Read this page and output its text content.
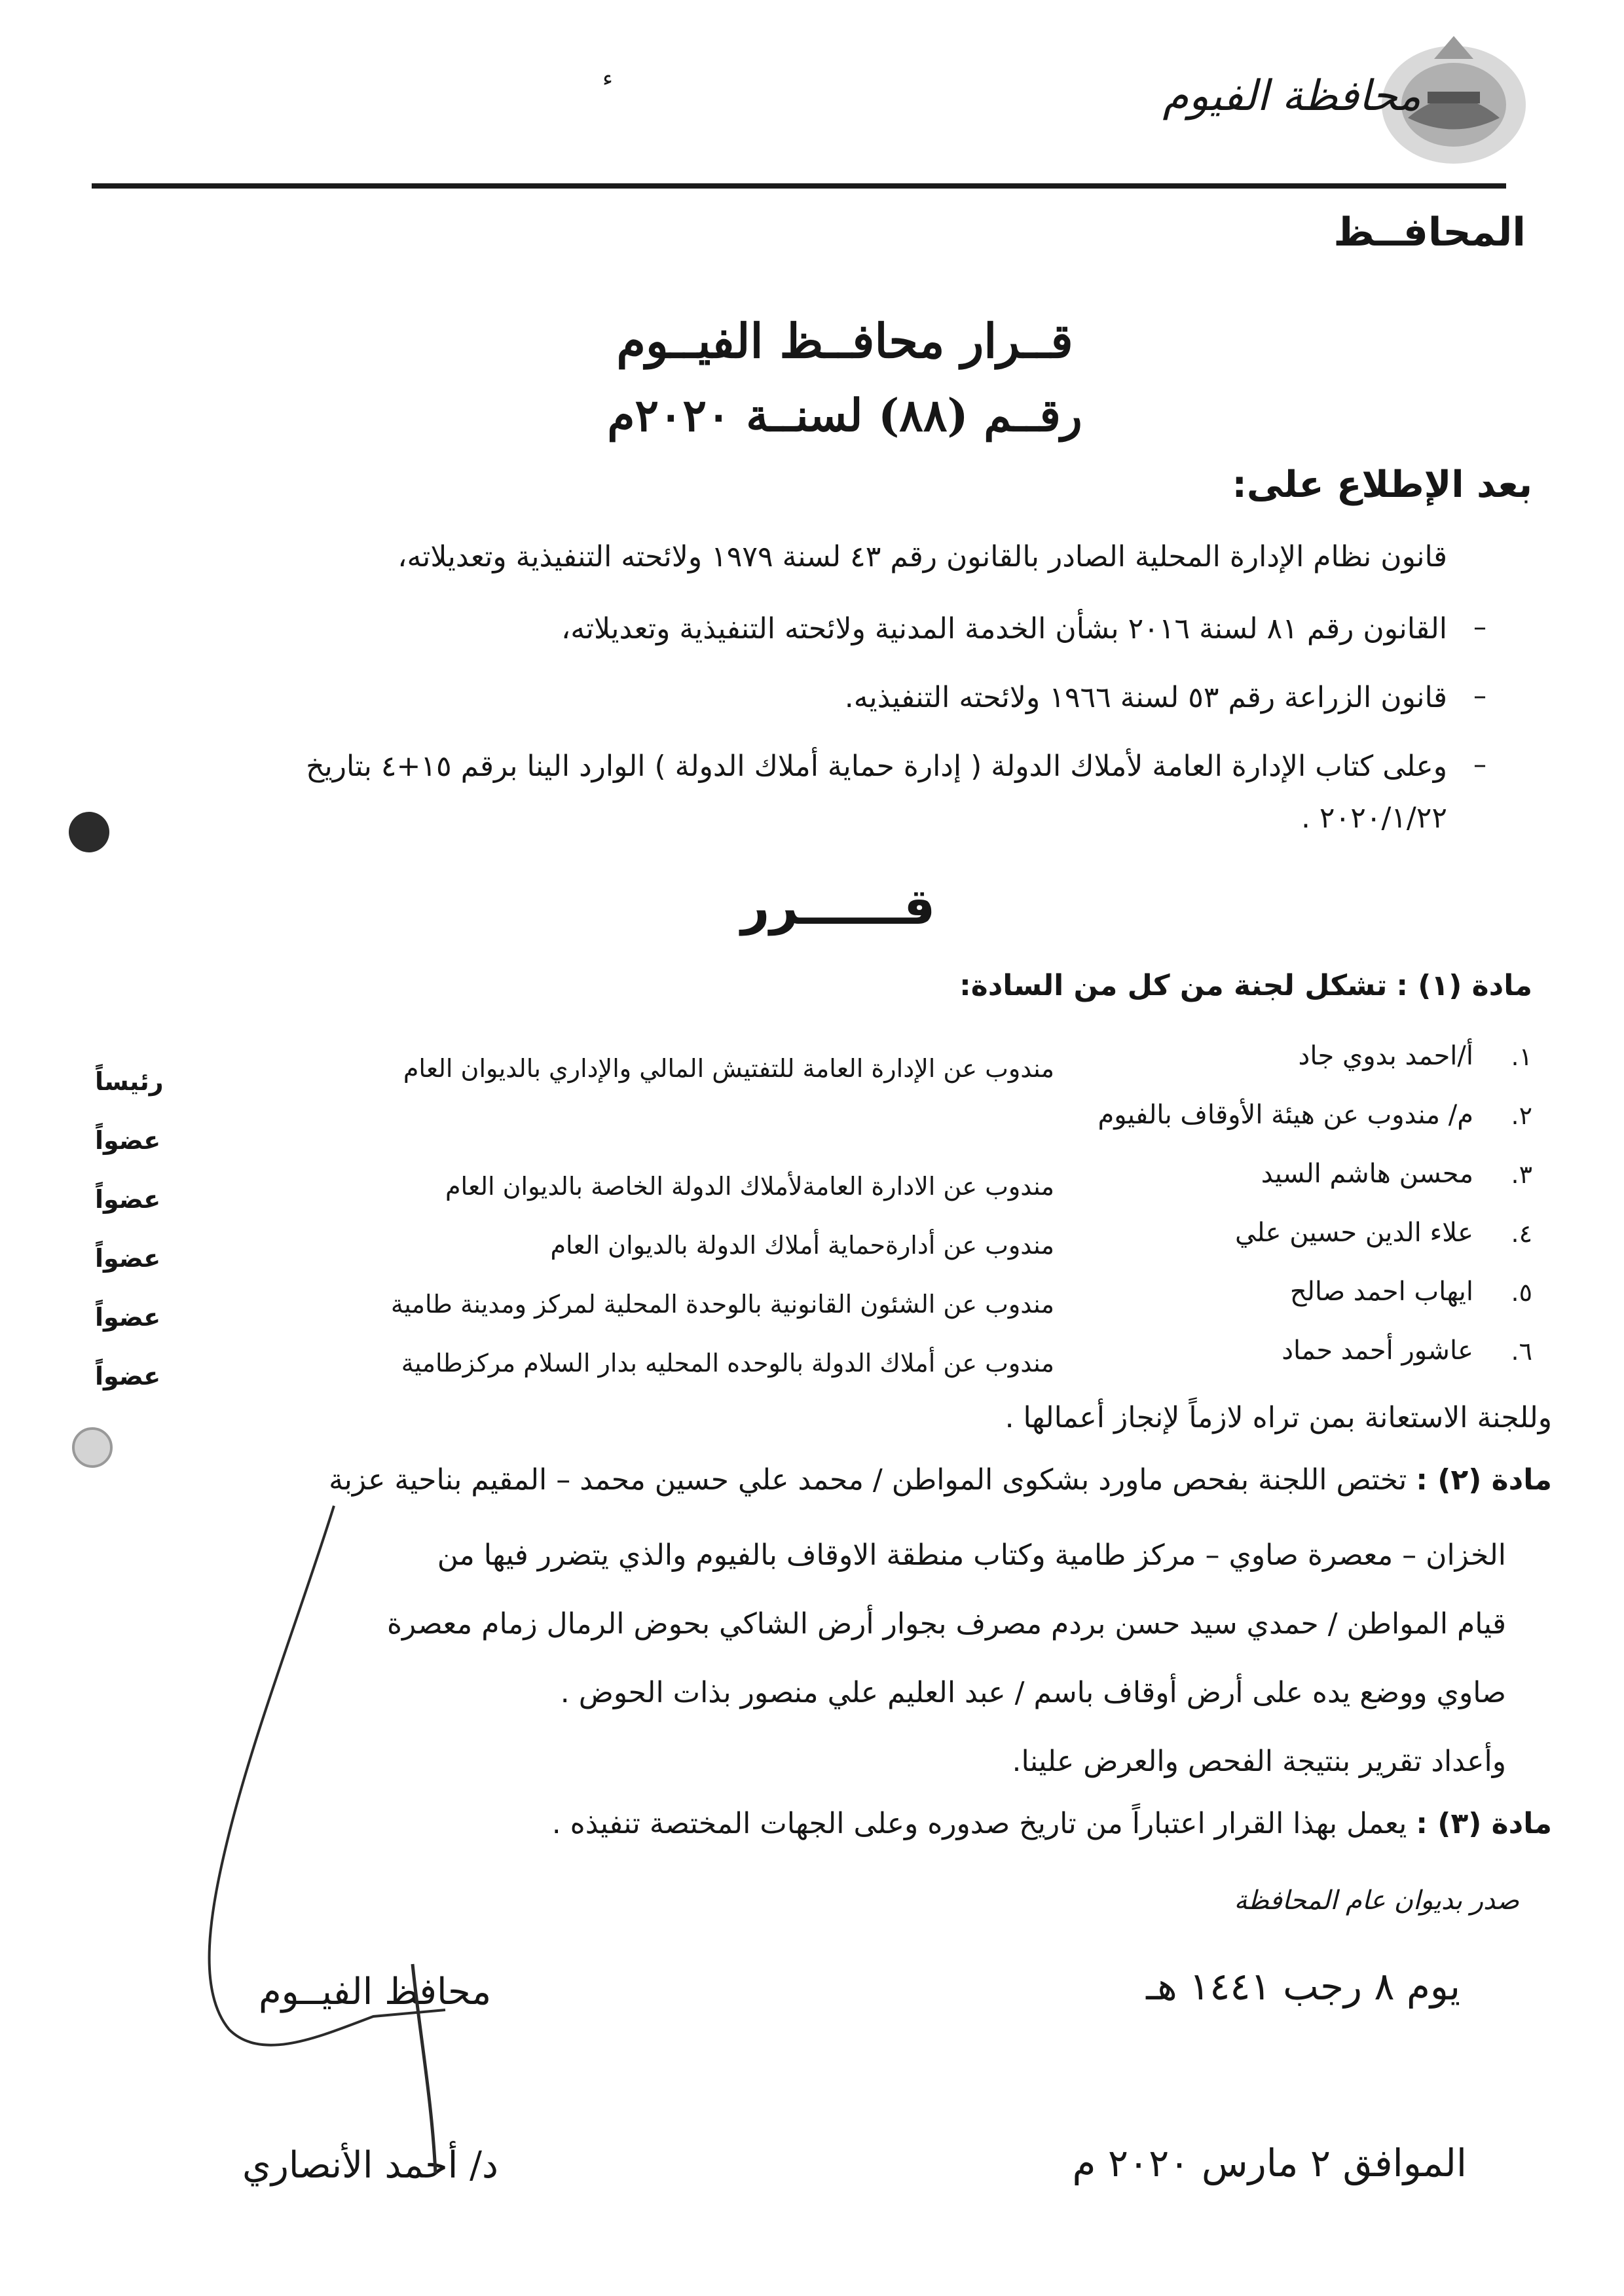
محافظة الفيوم
المحافــظ
ء
قــرار محافــظ الفيــوم
رقــم (٨٨) لسنــة ٢٠٢٠م
بعد الإطلاع على:
قانون نظام الإدارة المحلية الصادر بالقانون رقم ٤٣ لسنة ١٩٧٩ ولائحته التنفيذية وتعديلاته،
–
القانون رقم ٨١ لسنة ٢٠١٦ بشأن الخدمة المدنية ولائحته التنفيذية وتعديلاته،
–
قانون الزراعة رقم ٥٣ لسنة ١٩٦٦ ولائحته التنفيذيه.
–
وعلى كتاب الإدارة العامة لأملاك الدولة ( إدارة حماية أملاك الدولة ) الوارد الينا برقم ١٥+٤ بتاريخ
٢٠٢٠/١/٢٢ .
قــــــرر
مادة (١) : تشكل لجنة من كل من السادة:
١.
أ/احمد بدوي جاد
مندوب عن الإدارة العامة للتفتيش المالي والإداري بالديوان العام
رئيساً
٢.
م/ مندوب عن هيئة الأوقاف بالفيوم
عضواً
٣.
محسن هاشم السيد
مندوب عن الادارة العامةلأملاك الدولة الخاصة بالديوان العام
عضواً
٤.
علاء الدين حسين علي
مندوب عن أدارةحماية أملاك الدولة بالديوان العام
عضواً
٥.
ايهاب احمد صالح
مندوب عن الشئون القانونية بالوحدة المحلية لمركز ومدينة طامية
عضواً
٦.
عاشور أحمد حماد
مندوب عن أملاك الدولة بالوحده المحليه بدار السلام مركزطامية
عضواً
وللجنة الاستعانة بمن تراه لازماً لإنجاز أعمالها .
مادة (٢) : تختص اللجنة بفحص ماورد بشكوى المواطن / محمد علي حسين محمد – المقيم بناحية عزبة
الخزان – معصرة صاوي – مركز طامية وكتاب منطقة الاوقاف بالفيوم والذي يتضرر فيها من
قيام المواطن / حمدي سيد حسن بردم مصرف بجوار أرض الشاكي بحوض الرمال زمام معصرة
صاوي ووضع يده على أرض أوقاف باسم / عبد العليم علي منصور بذات الحوض .
وأعداد تقرير بنتيجة الفحص والعرض علينا.
مادة (٣) : يعمل بهذا القرار اعتباراً من تاريخ صدوره وعلى الجهات المختصة تنفيذه .
صدر بديوان عام المحافظة
يوم ٨ رجب ١٤٤١ هـ
الموافق ٢ مارس ٢٠٢٠ م
محافظ الفيــوم
د/ أحمد الأنصاري
